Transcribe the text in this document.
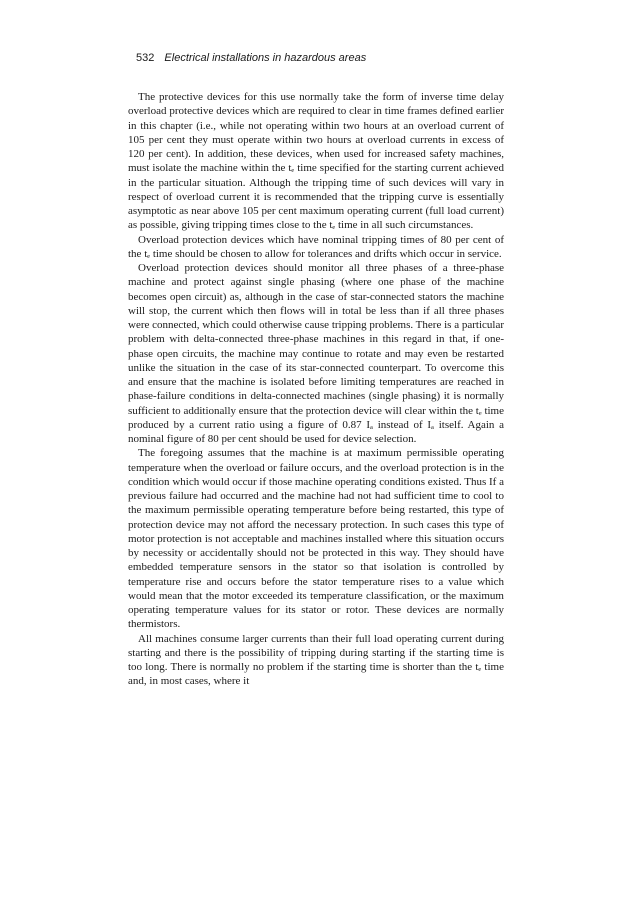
532 Electrical installations in hazardous areas

The protective devices for this use normally take the form of inverse time delay overload protective devices which are required to clear in time frames defined earlier in this chapter (i.e., while not operating within two hours at an overload current of 105 per cent they must operate within two hours at overload currents in excess of 120 per cent). In addition, these devices, when used for increased safety machines, must isolate the machine within the tₑ time specified for the starting current achieved in the particular situation. Although the tripping time of such devices will vary in respect of overload current it is recommended that the tripping curve is essentially asymptotic as near above 105 per cent maximum operating current (full load current) as possible, giving tripping times close to the tₑ time in all such circumstances.

Overload protection devices which have nominal tripping times of 80 per cent of the tₑ time should be chosen to allow for tolerances and drifts which occur in service.

Overload protection devices should monitor all three phases of a three-phase machine and protect against single phasing (where one phase of the machine becomes open circuit) as, although in the case of star-connected stators the machine will stop, the current which then flows will in total be less than if all three phases were connected, which could otherwise cause tripping problems. There is a particular problem with delta-connected three-phase machines in this regard in that, if one-phase open circuits, the machine may continue to rotate and may even be restarted unlike the situation in the case of its star-connected counterpart. To overcome this and ensure that the machine is isolated before limiting temperatures are reached in phase-failure conditions in delta-connected machines (single phasing) it is normally sufficient to additionally ensure that the protection device will clear within the tₑ time produced by a current ratio using a figure of 0.87 Iₐ instead of Iₐ itself. Again a nominal figure of 80 per cent should be used for device selection.

The foregoing assumes that the machine is at maximum permissible operating temperature when the overload or failure occurs, and the overload protection is in the condition which would occur if those machine operating conditions existed. Thus If a previous failure had occurred and the machine had not had sufficient time to cool to the maximum permissible operating temperature before being restarted, this type of protection device may not afford the necessary protection. In such cases this type of motor protection is not acceptable and machines installed where this situation occurs by necessity or accidentally should not be protected in this way. They should have embedded temperature sensors in the stator so that isolation is controlled by temperature rise and occurs before the stator temperature rises to a value which would mean that the motor exceeded its temperature classification, or the maximum operating temperature values for its stator or rotor. These devices are normally thermistors.

All machines consume larger currents than their full load operating current during starting and there is the possibility of tripping during starting if the starting time is too long. There is normally no problem if the starting time is shorter than the tₑ time and, in most cases, where it
